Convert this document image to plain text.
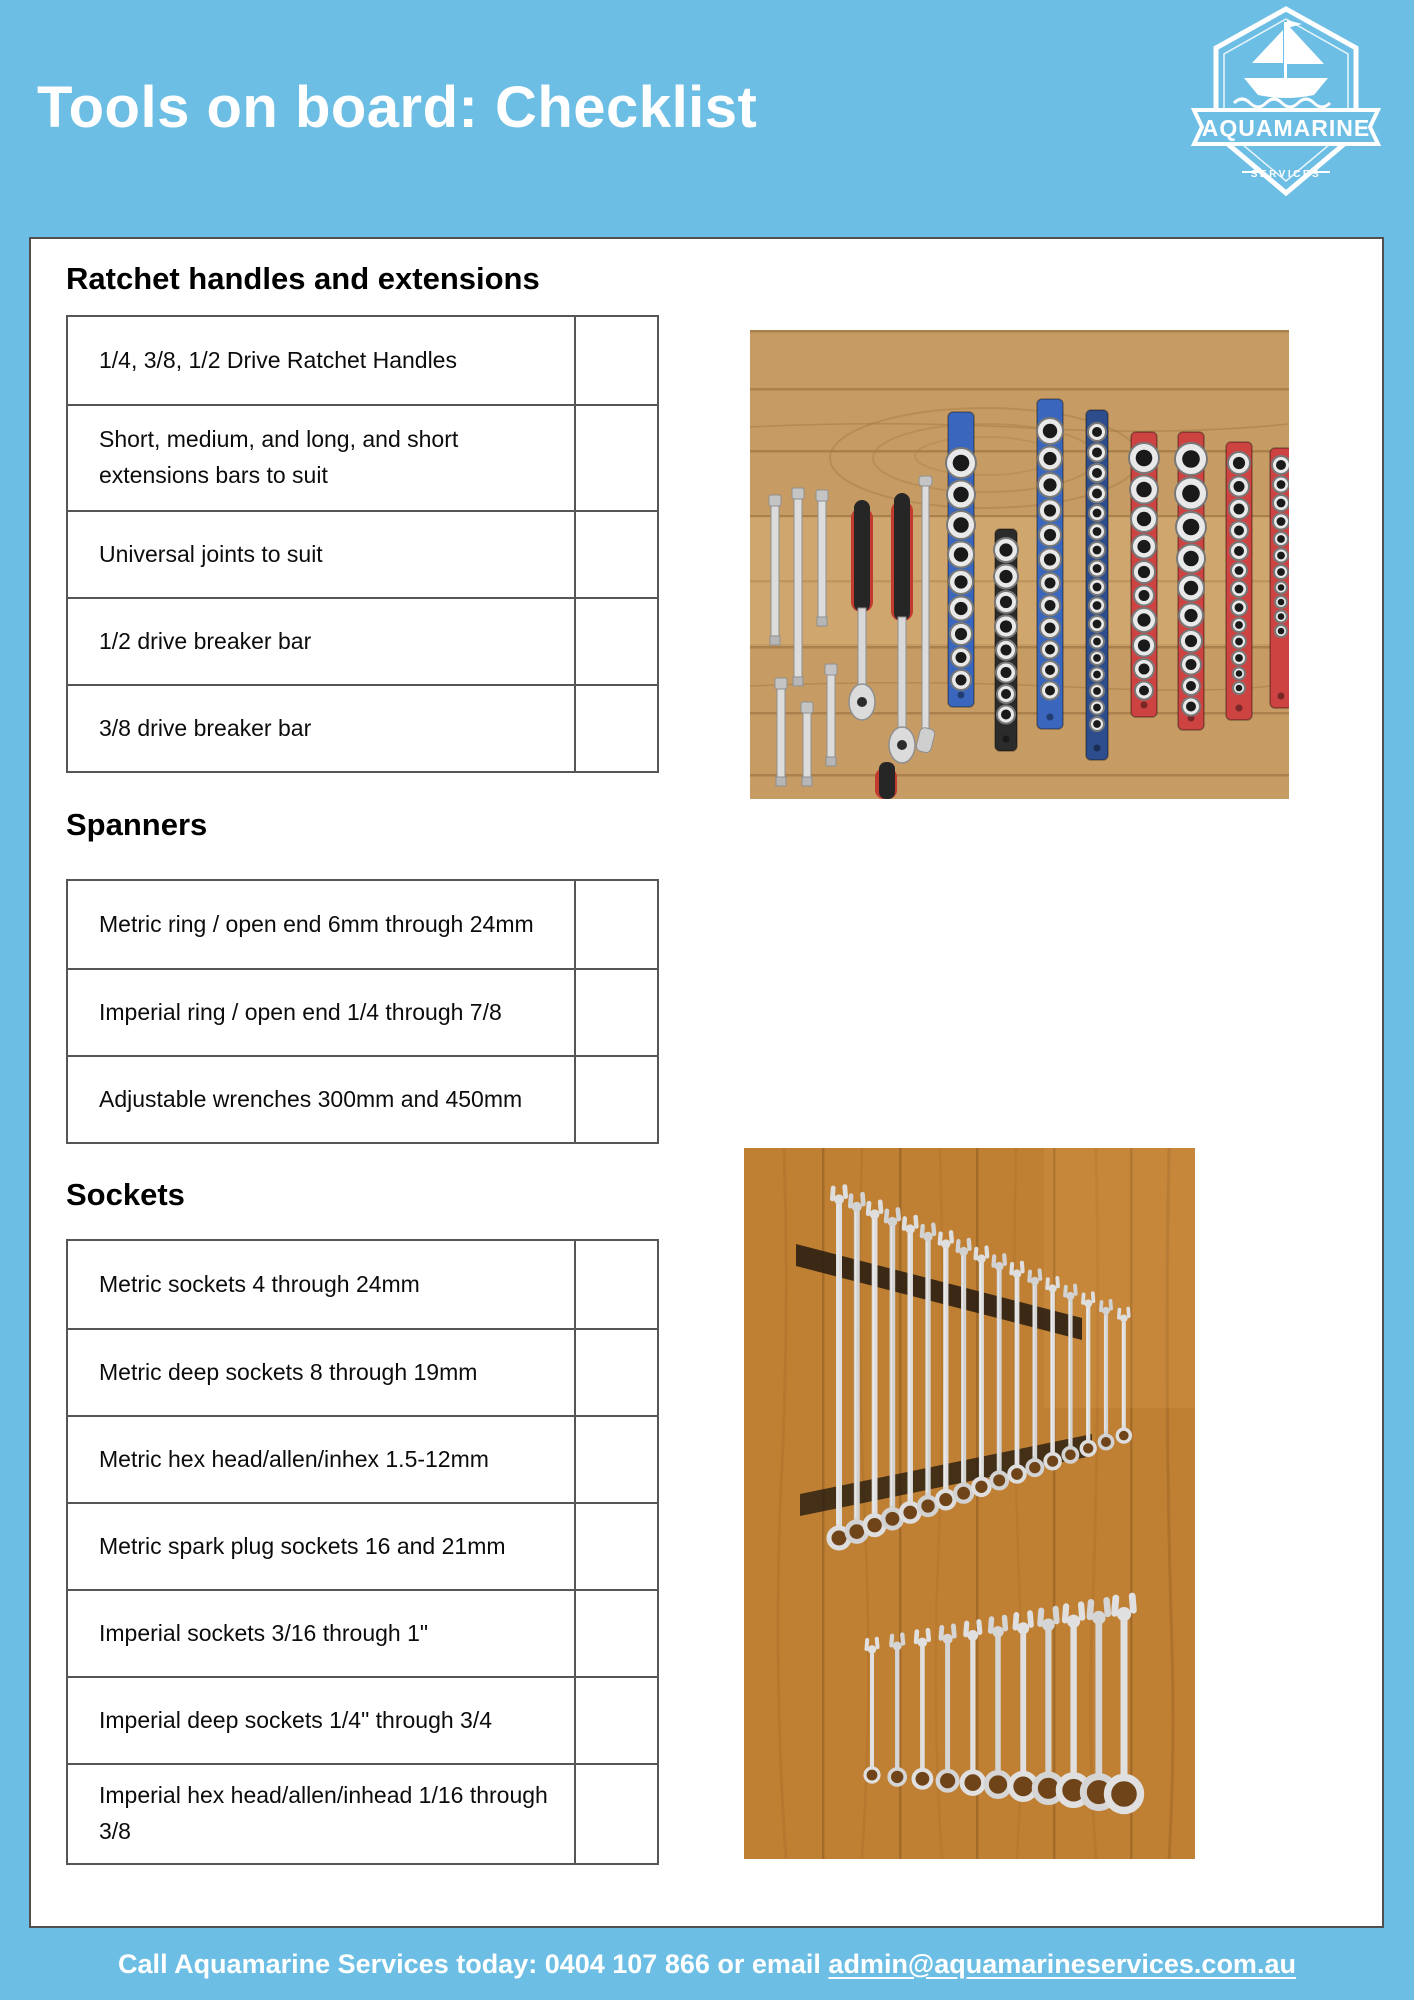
Tools on board: Checklist	AQUAMARINE
SERVICES
Ratchet handles and extensions
1/4, 3/8, 1/2 Drive Ratchet Handles
Short, medium, and long, and short extensions bars to suit
Universal joints to suit
1/2 drive breaker bar
3/8 drive breaker bar
Spanners
Metric ring / open end 6mm through 24mm
Imperial ring / open end 1/4 through 7/8
Adjustable wrenches 300mm and 450mm
Sockets
Metric sockets 4 through 24mm
Metric deep sockets 8 through 19mm
Metric hex head/allen/inhex 1.5-12mm
Metric spark plug sockets 16 and 21mm
Imperial sockets 3/16 through 1"
Imperial deep sockets 1/4" through 3/4
Imperial hex head/allen/inhead 1/16 through 3/8
Call Aquamarine Services today: 0404 107 866 or email admin@aquamarineservices.com.au
